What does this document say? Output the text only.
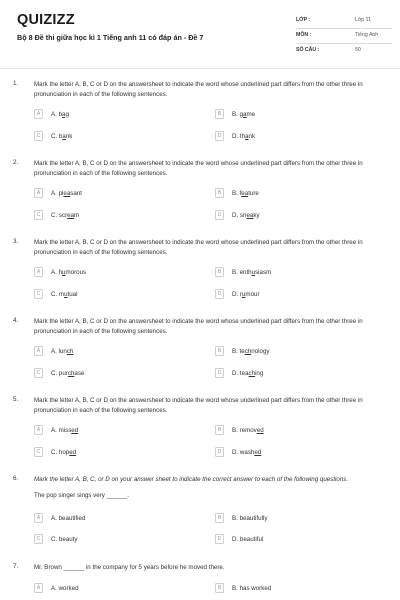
QUIZIZZ
Bộ 8 Đề thi giữa học kì 1 Tiếng anh 11 có đáp án - Đề 7
LỚP :	Lớp 11
MÔN :	Tiếng Anh
SỐ CÂU :	50
1.	Mark the letter A, B, C or D on the answersheet to indicate the word whose underlined part differs from the other three in pronunciation in each of the following sentences.
A	A. bag	B	B. game
C	C. bank	D	D. thank
2.	Mark the letter A, B, C or D on the answersheet to indicate the word whose underlined part differs from the other three in pronunciation in each of the following sentences.
A	A. pleasant	B	B. feature
C	C. scream	D	D. sneaky
3.	Mark the letter A, B, C or D on the answersheet to indicate the word whose underlined part differs from the other three in pronunciation in each of the following sentences.
A	A. humorous	B	B. enthusiasm
C	C. mutual	D	D. rumour
4.	Mark the letter A, B, C or D on the answersheet to indicate the word whose underlined part differs from the other three in pronunciation in each of the following sentences.
A	A. lunch	B	B. technology
C	C. purchase	D	D. teaching
5.	Mark the letter A, B, C or D on the answersheet to indicate the word whose underlined part differs from the other three in pronunciation in each of the following sentences.
A	A. missed	B	B. removed
C	C. hoped	D	D. washed
6.	Mark the letter A, B, C, or D on your answer sheet to indicate the correct answer to each of the following questions.
The pop singer sings very ______.
A	A. beautified	B	B. beautifully
C	C. beauty	D	D. beautiful
7.	Mr. Brown ______ in the company for 5 years before he moved there.
A	A. worked	B	B. has worked
